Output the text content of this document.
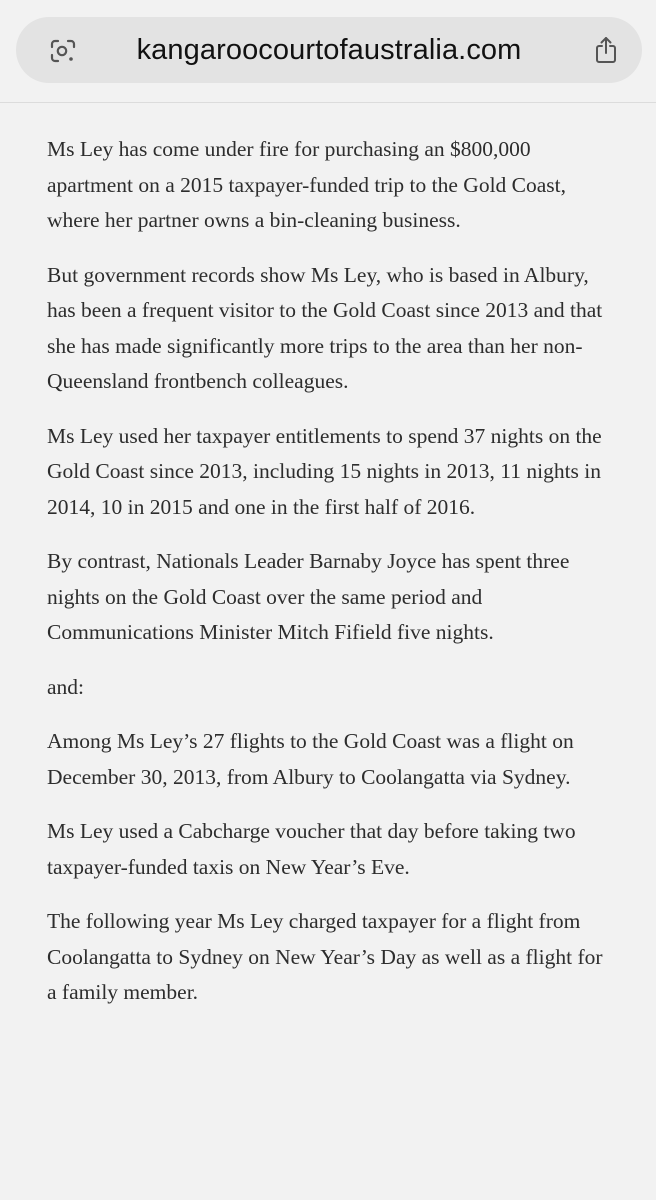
kangaroocourtofaustralia.com

Ms Ley has come under fire for purchasing an $800,000 apartment on a 2015 taxpayer-funded trip to the Gold Coast, where her partner owns a bin-cleaning business.

But government records show Ms Ley, who is based in Albury, has been a frequent visitor to the Gold Coast since 2013 and that she has made significantly more trips to the area than her non-Queensland frontbench colleagues.

Ms Ley used her taxpayer entitlements to spend 37 nights on the Gold Coast since 2013, including 15 nights in 2013, 11 nights in 2014, 10 in 2015 and one in the first half of 2016.

By contrast, Nationals Leader Barnaby Joyce has spent three nights on the Gold Coast over the same period and Communications Minister Mitch Fifield five nights.

and:

Among Ms Ley’s 27 flights to the Gold Coast was a flight on December 30, 2013, from Albury to Coolangatta via Sydney.

Ms Ley used a Cabcharge voucher that day before taking two taxpayer-funded taxis on New Year’s Eve.

The following year Ms Ley charged taxpayer for a flight from Coolangatta to Sydney on New Year’s Day as well as a flight for a family member.
